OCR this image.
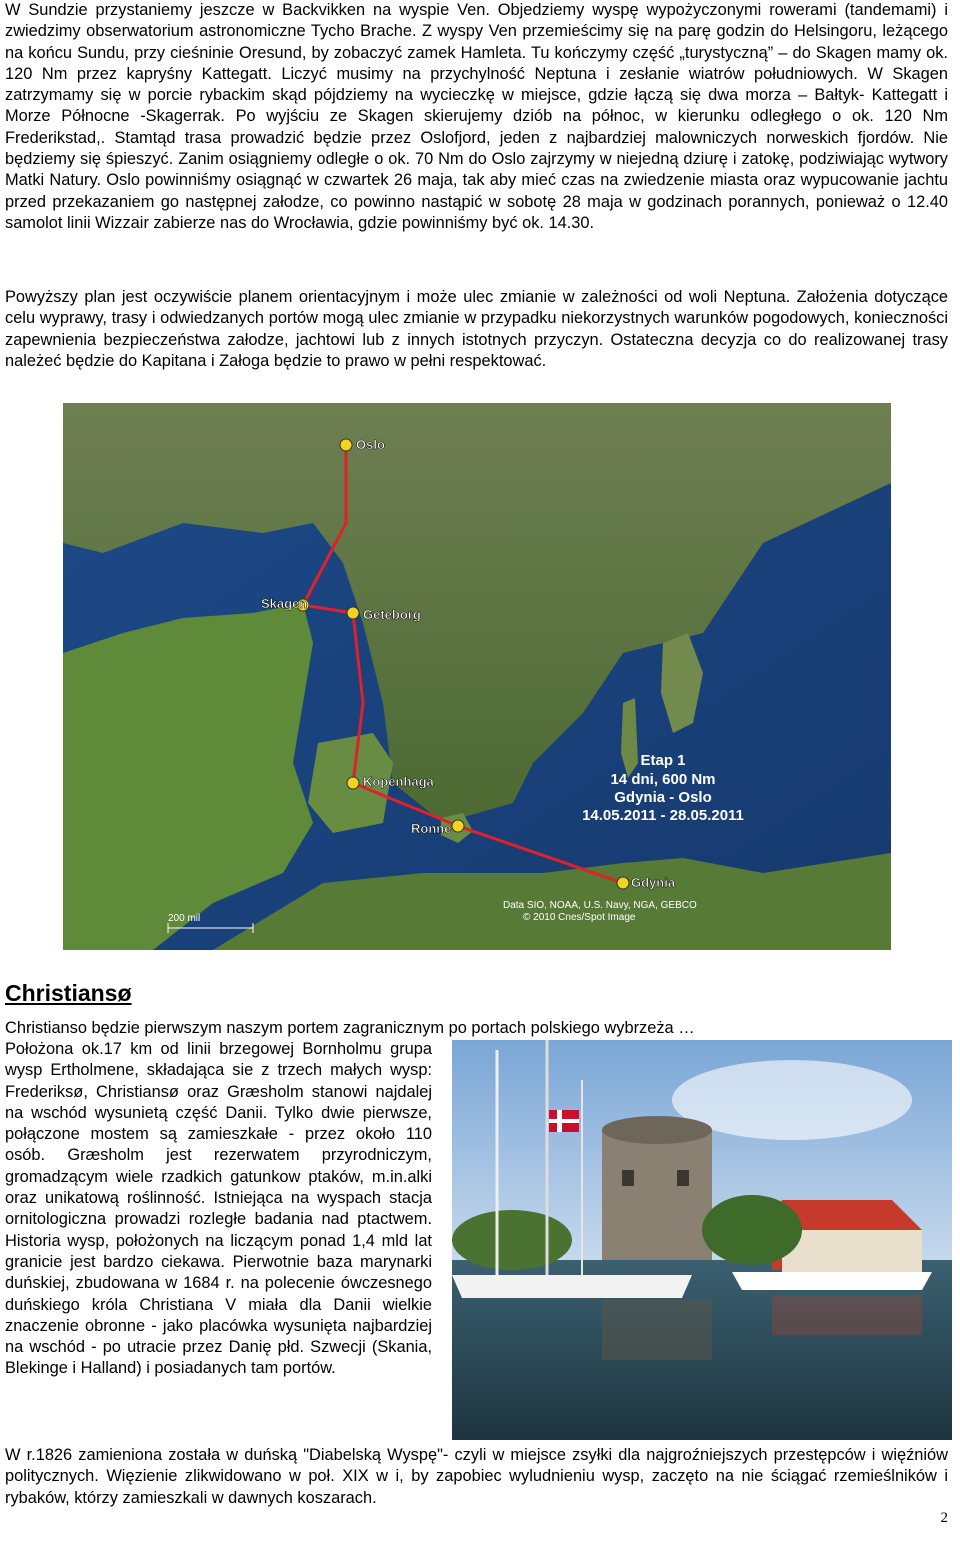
W Sundzie przystaniemy jeszcze w Backvikken na wyspie Ven. Objedziemy wyspę wypożyczonymi rowerami (tandemami) i zwiedzimy obserwatorium astronomiczne Tycho Brache. Z wyspy Ven przemieścimy się na parę godzin do Helsingoru, leżącego na końcu Sundu, przy cieśninie Oresund, by zobaczyć zamek Hamleta. Tu kończymy część „turystyczną” – do Skagen mamy ok. 120 Nm przez kapryśny Kattegatt. Liczyć musimy na przychylność Neptuna i zesłanie wiatrów południowych. W Skagen zatrzymamy się w porcie rybackim skąd pójdziemy na wycieczkę w miejsce, gdzie łączą się dwa morza – Bałtyk- Kattegatt i Morze Północne -Skagerrak. Po wyjściu ze Skagen skierujemy dziób na północ, w kierunku odległego o ok. 120 Nm Frederikstad,. Stamtąd trasa prowadzić będzie przez Oslofjord, jeden z najbardziej malowniczych norweskich fjordów. Nie będziemy się śpieszyć. Zanim osiągniemy odległe o ok. 70 Nm do Oslo zajrzymy w niejedną dziurę i zatokę, podziwiając wytwory Matki Natury. Oslo powinniśmy osiągnąć w czwartek 26 maja, tak aby mieć czas na zwiedzenie miasta oraz wypucowanie jachtu przed przekazaniem go następnej załodze, co powinno nastąpić w sobotę 28 maja w godzinach porannych, ponieważ o 12.40 samolot linii Wizzair zabierze nas do Wrocławia, gdzie powinniśmy być ok. 14.30.

Powyższy plan jest oczywiście planem orientacyjnym i może ulec zmianie w zależności od woli Neptuna. Założenia dotyczące celu wyprawy, trasy i odwiedzanych portów mogą ulec zmianie w przypadku niekorzystnych warunków pogodowych, konieczności zapewnienia bezpieczeństwa załodze, jachtowi lub z innych istotnych przyczyn. Ostateczna decyzja co do realizowanej trasy należeć będzie do Kapitana i Załoga będzie to prawo w pełni respektować.

Oslo
Skagen
Geteborg
Kopenhaga
Ronne
Gdynia
Etap 1
14 dni, 600 Nm
Gdynia - Oslo
14.05.2011 - 28.05.2011
Data SIO, NOAA, U.S. Navy, NGA, GEBCO
© 2010 Cnes/Spot Image
200 mil
Christiansø

Christianso będzie pierwszym naszym portem zagranicznym po portach polskiego wybrzeża …

Położona ok.17 km od linii brzegowej Bornholmu grupa wysp Ertholmene, składająca sie z trzech małych wysp: Frederiksø, Christiansø oraz Græsholm stanowi najdalej na wschód wysunietą część Danii. Tylko dwie pierwsze, połączone mostem są zamieszkałe - przez około 110 osób. Græsholm jest rezerwatem przyrodniczym, gromadzącym wiele rzadkich gatunkow ptaków, m.in.alki oraz unikatową roślinność. Istniejąca na wyspach stacja ornitologiczna prowadzi rozległe badania nad ptactwem. Historia wysp, położonych na liczącym ponad 1,4 mld lat granicie jest bardzo ciekawa. Pierwotnie baza marynarki duńskiej, zbudowana w 1684 r. na polecenie ówczesnego duńskiego króla Christiana V miała dla Danii wielkie znaczenie obronne - jako placówka wysunięta najbardziej na wschód - po utracie przez Danię płd. Szwecji (Skania, Blekinge i Halland) i posiadanych tam portów.

W r.1826 zamieniona została w duńską "Diabelską Wyspę"- czyli w miejsce zsyłki dla najgroźniejszych przestępców i więźniów politycznych. Więzienie zlikwidowano w poł. XIX w i, by zapobiec wyludnieniu wysp, zaczęto na nie ściągać rzemieślników i rybaków, którzy zamieszkali w dawnych koszarach.

2
